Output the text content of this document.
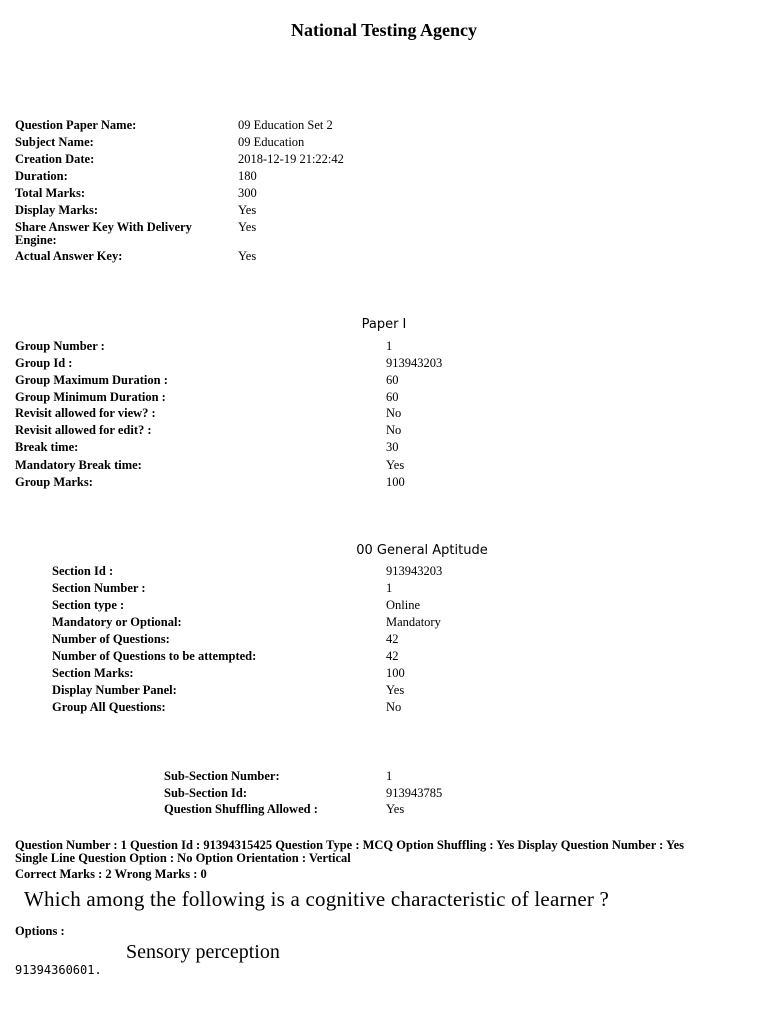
National Testing Agency
Question Paper Name:	09 Education Set 2
Subject Name:	09 Education
Creation Date:	2018-12-19 21:22:42
Duration:	180
Total Marks:	300
Display Marks:	Yes
Share Answer Key With Delivery
Engine:
Yes
Actual Answer Key:	Yes
Paper I
Group Number :	1
Group Id :	913943203
Group Maximum Duration :	60
Group Minimum Duration :	60
Revisit allowed for view? :	No
Revisit allowed for edit? :	No
Break time:	30
Mandatory Break time:	Yes
Group Marks:	100
00 General Aptitude
Section Id :	913943203
Section Number :	1
Section type :	Online
Mandatory or Optional:	Mandatory
Number of Questions:	42
Number of Questions to be attempted:	42
Section Marks:	100
Display Number Panel:	Yes
Group All Questions:	No
Sub-Section Number:	1
Sub-Section Id:	913943785
Question Shuffling Allowed :	Yes
Question Number : 1 Question Id : 91394315425 Question Type : MCQ Option Shuffling : Yes Display Question Number : Yes
Single Line Question Option : No Option Orientation : Vertical
Correct Marks : 2 Wrong Marks : 0
Which among the following is a cognitive characteristic of learner ?
Options :
Sensory perception
91394360601.
